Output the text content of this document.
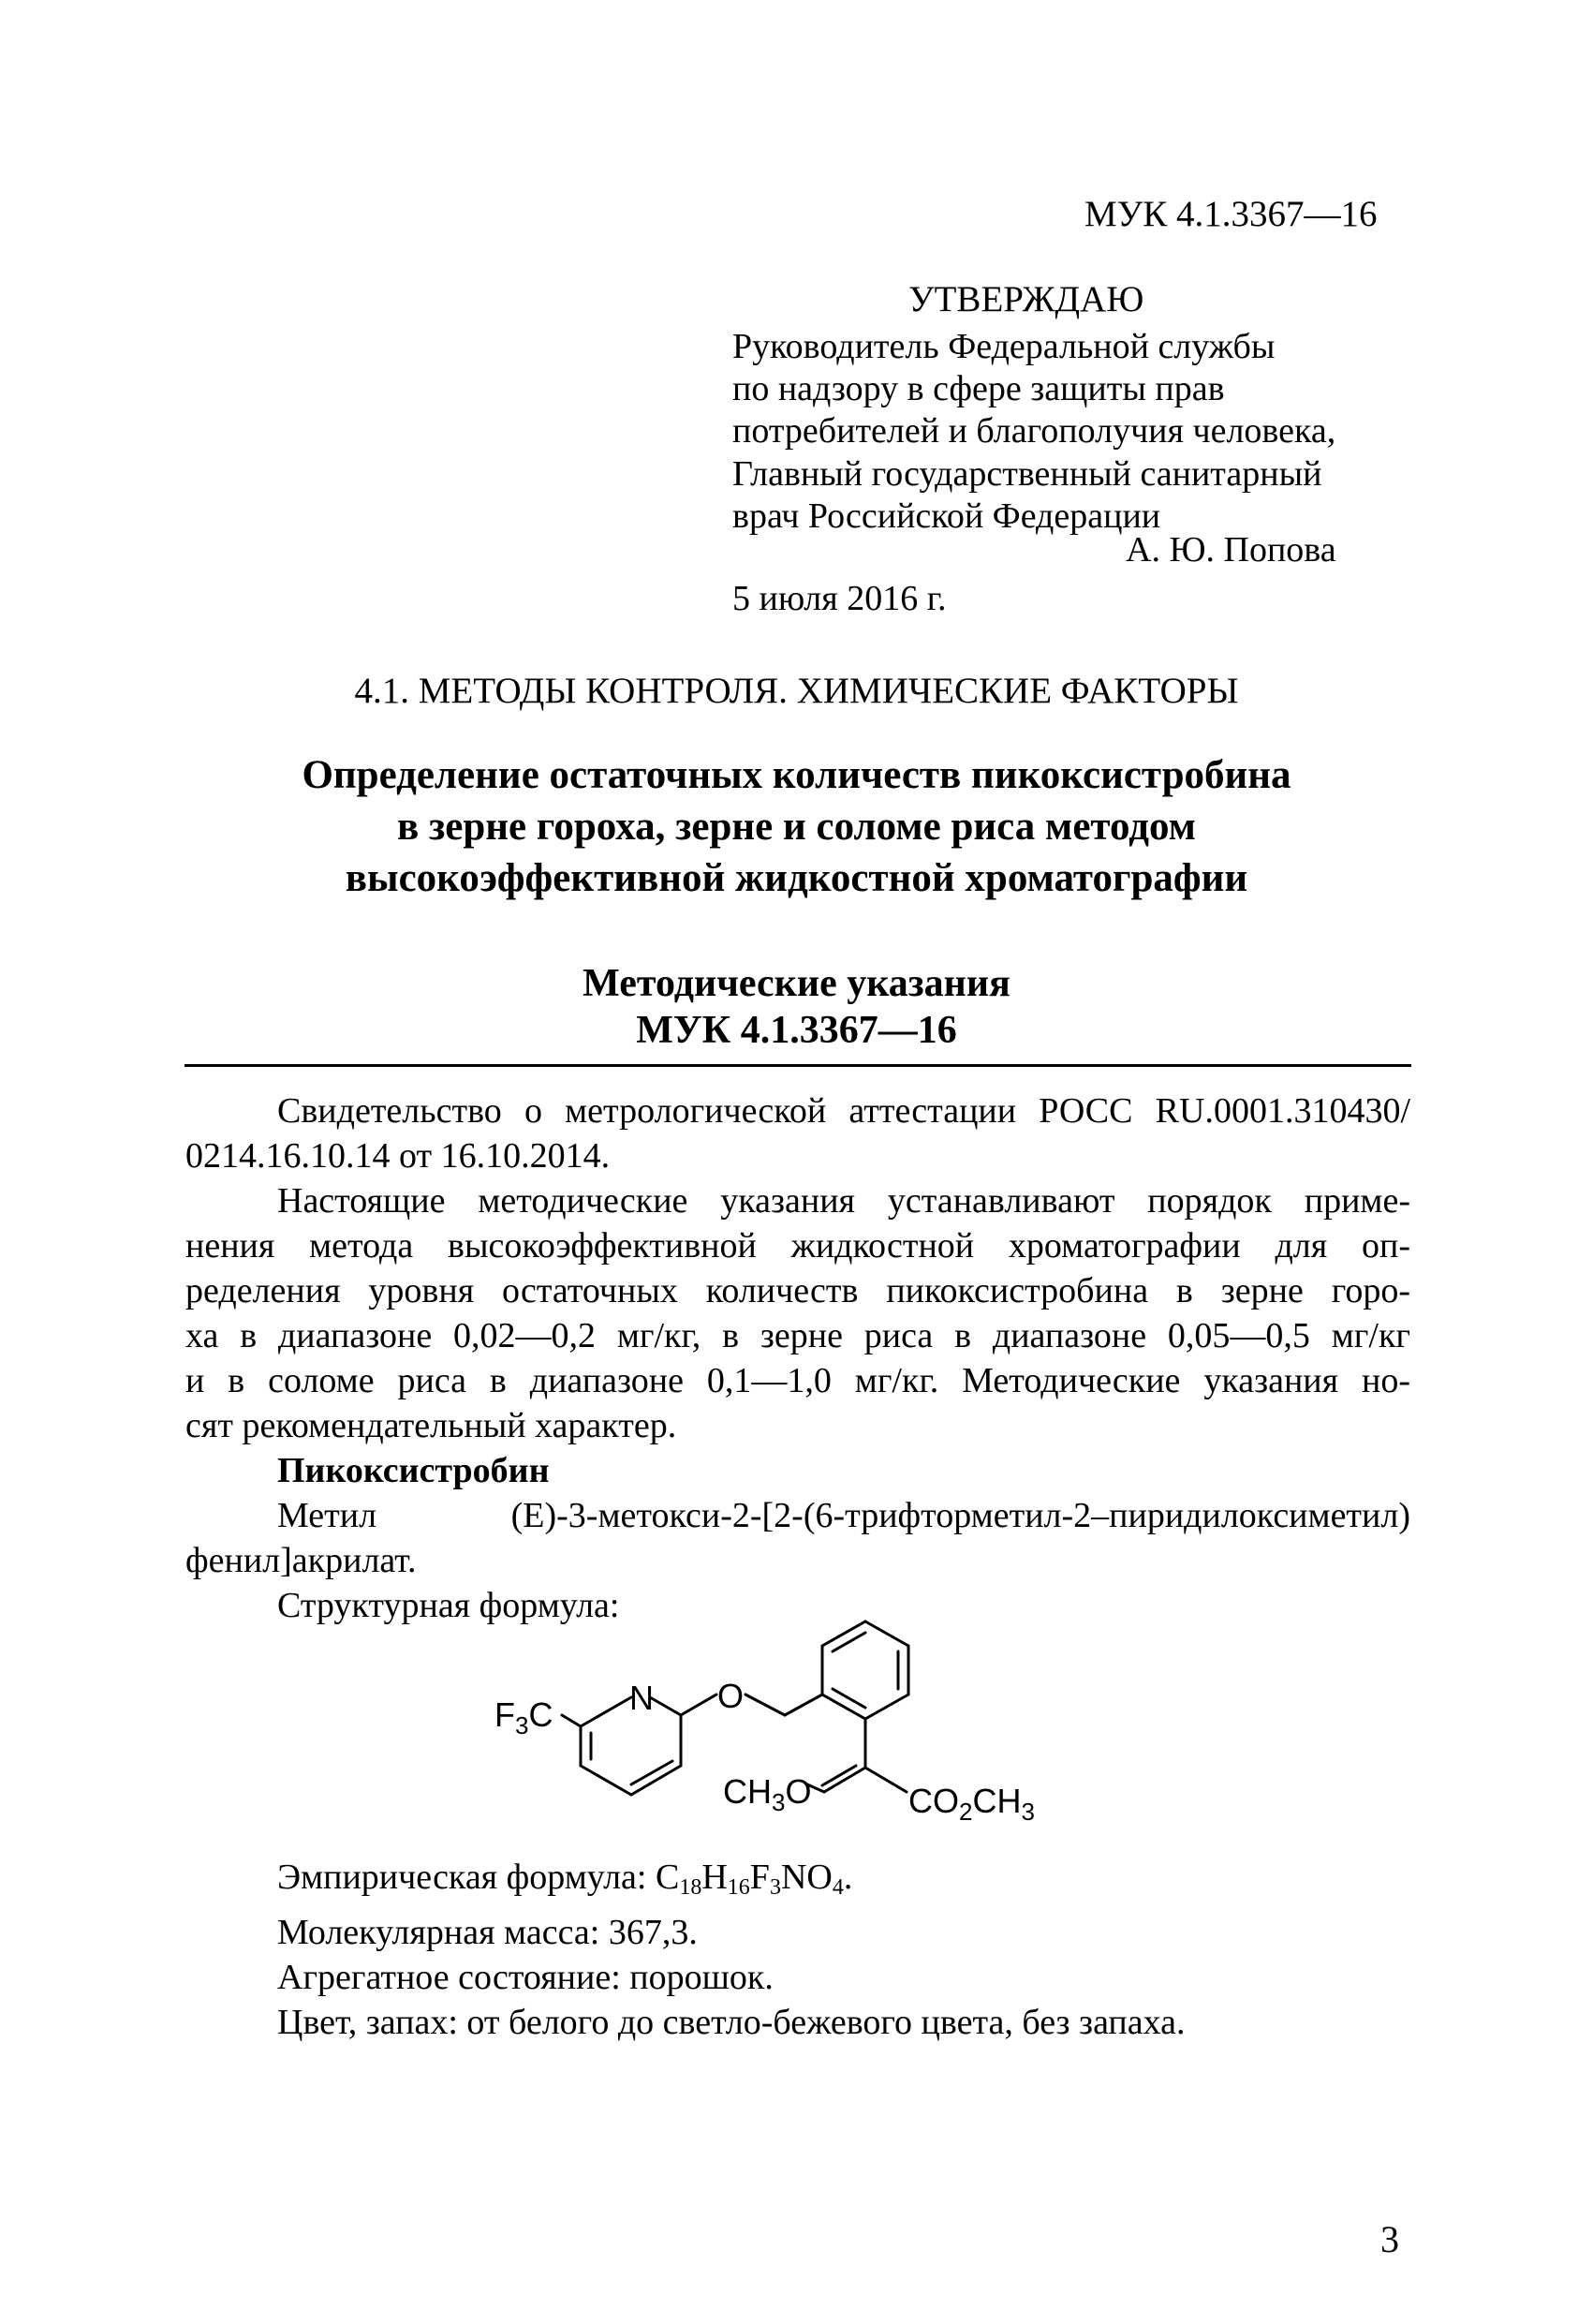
МУК 4.1.3367—16
УТВЕРЖДАЮ
Руководитель Федеральной службы
по надзору в сфере защиты прав
потребителей и благополучия человека,
Главный государственный санитарный
врач Российской Федерации
А. Ю. Попова
5 июля 2016 г.
4.1. МЕТОДЫ КОНТРОЛЯ. ХИМИЧЕСКИЕ ФАКТОРЫ
Определение остаточных количеств пикоксистробина
в зерне гороха, зерне и соломе риса методом
высокоэффективной жидкостной хроматографии
Методические указания
МУК 4.1.3367—16
Свидетельство о метрологической аттестации РОСС RU.0001.310430/
0214.16.10.14 от 16.10.2014.
Настоящие методические указания устанавливают порядок приме-
нения метода высокоэффективной жидкостной хроматографии для оп-
ределения уровня остаточных количеств пикоксистробина в зерне горо-
ха в диапазоне 0,02—0,2 мг/кг, в зерне риса в диапазоне 0,05—0,5 мг/кг
и в соломе риса в диапазоне 0,1—1,0 мг/кг. Методические указания но-
сят рекомендательный характер.
Пикоксистробин
Метил (E)-3-метокси-2-[2-(6-трифторметил-2–пиридилоксиметил)
фенил]акрилат.
Структурная формула:
F3C N O
CH3O	CO2CH3
Эмпирическая формула: $C_{18}H_{16}F_3NO_4$.
Молекулярная масса: 367,3.
Агрегатное состояние: порошок.
Цвет, запах: от белого до светло-бежевого цвета, без запаха.
3
